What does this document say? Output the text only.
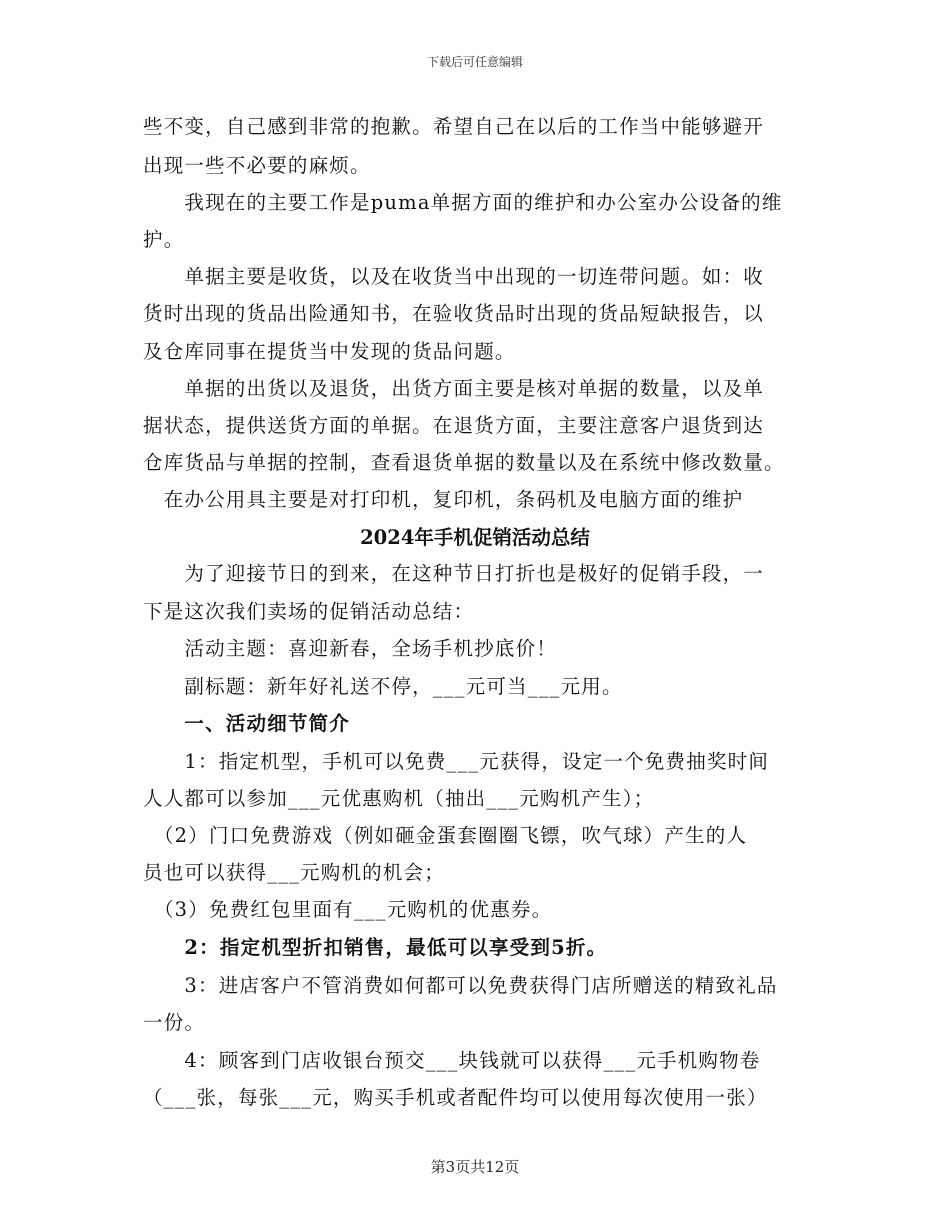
下载后可任意编辑
些不变，自己感到非常的抱歉。希望自己在以后的工作当中能够避开
出现一些不必要的麻烦。
　　我现在的主要工作是puma单据方面的维护和办公室办公设备的维
护。
　　单据主要是收货，以及在收货当中出现的一切连带问题。如：收
货时出现的货品出险通知书，在验收货品时出现的货品短缺报告，以
及仓库同事在提货当中发现的货品问题。
　　单据的出货以及退货，出货方面主要是核对单据的数量，以及单
据状态，提供送货方面的单据。在退货方面，主要注意客户退货到达
仓库货品与单据的控制，查看退货单据的数量以及在系统中修改数量。
　在办公用具主要是对打印机，复印机，条码机及电脑方面的维护
2024年手机促销活动总结
　　为了迎接节日的到来，在这种节日打折也是极好的促销手段，一
下是这次我们卖场的促销活动总结：
　　活动主题：喜迎新春，全场手机抄底价！
　　副标题：新年好礼送不停，___元可当___元用。
　　一、活动细节简介
　　1：指定机型，手机可以免费___元获得，设定一个免费抽奖时间
人人都可以参加___元优惠购机（抽出___元购机产生）；
　（2）门口免费游戏（例如砸金蛋套圈圈飞镖，吹气球）产生的人
员也可以获得___元购机的机会；
　（3）免费红包里面有___元购机的优惠券。
　　2：指定机型折扣销售，最低可以享受到5折。
　　3：进店客户不管消费如何都可以免费获得门店所赠送的精致礼品
一份。
　　4：顾客到门店收银台预交___块钱就可以获得___元手机购物卷
（___张，每张___元，购买手机或者配件均可以使用每次使用一张）
第3页共12页
